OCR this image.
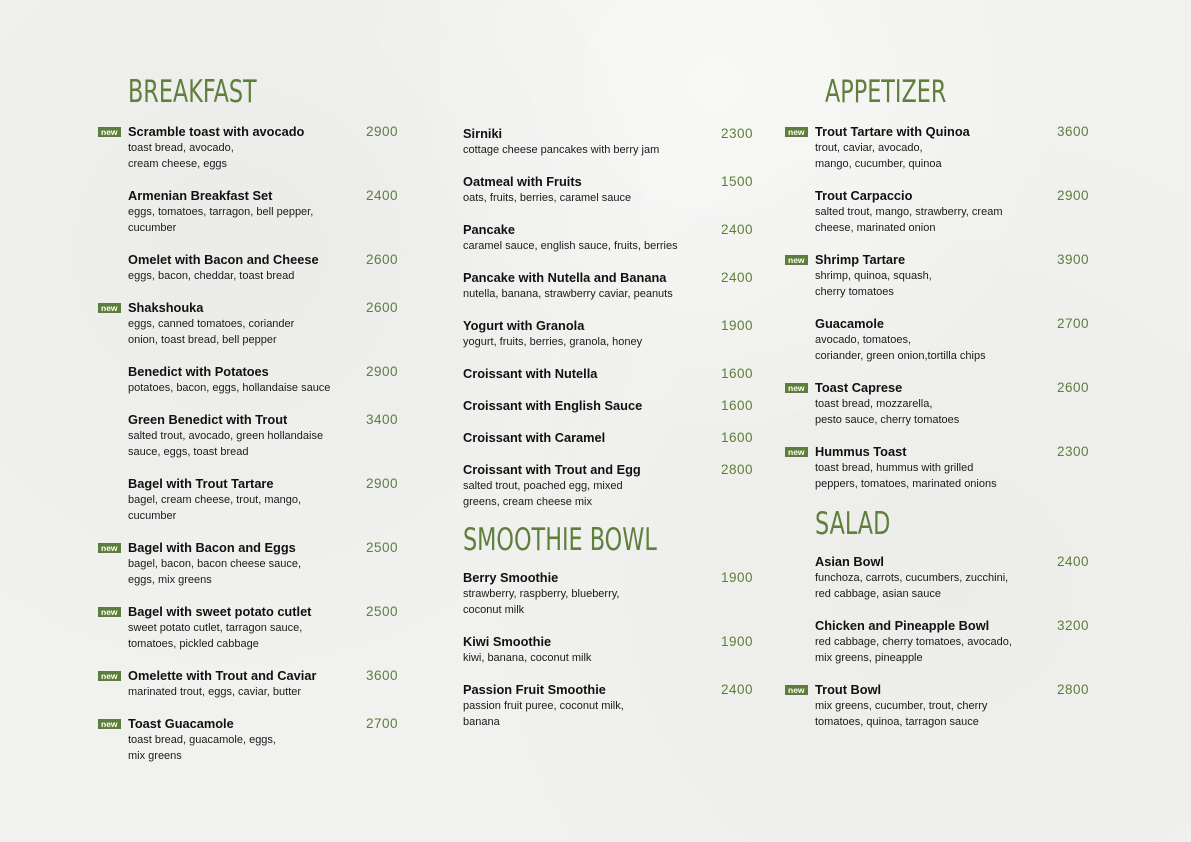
BREAKFAST
new Scramble toast with avocado
toast bread, avocado,
cream cheese, eggs
2900
Armenian Breakfast Set
eggs, tomatoes, tarragon, bell pepper,
cucumber
2400
Omelet with Bacon and Cheese
eggs, bacon, cheddar, toast bread
2600
new Shakshouka
eggs, canned tomatoes, coriander
onion, toast bread, bell pepper
2600
Benedict with Potatoes
potatoes, bacon, eggs, hollandaise sauce
2900
Green Benedict with Trout
salted trout, avocado, green hollandaise
sauce, eggs, toast bread
3400
Bagel with Trout Tartare
bagel, cream cheese, trout, mango,
cucumber
2900
new Bagel with Bacon and Eggs
bagel, bacon, bacon cheese sauce,
eggs, mix greens
2500
new Bagel with sweet potato cutlet
sweet potato cutlet, tarragon sauce,
tomatoes, pickled cabbage
2500
new Omelette with Trout and Caviar
marinated trout, eggs, caviar, butter
3600
new Toast Guacamole
toast bread, guacamole, eggs,
mix greens
2700
Sirniki
cottage cheese pancakes with berry jam
2300
Oatmeal with Fruits
oats, fruits, berries, caramel sauce
1500
Pancake
caramel sauce, english sauce, fruits, berries
2400
Pancake with Nutella and Banana
nutella, banana, strawberry caviar, peanuts
2400
Yogurt with Granola
yogurt, fruits, berries, granola, honey
1900
Croissant with Nutella	1600
Croissant with English Sauce	1600
Croissant with Caramel	1600
Croissant with Trout and Egg
salted trout, poached egg, mixed
greens, cream cheese mix
2800
SMOOTHIE BOWL
Berry Smoothie
strawberry, raspberry, blueberry,
coconut milk
1900
Kiwi Smoothie
kiwi, banana, coconut milk
1900
Passion Fruit Smoothie
passion fruit puree, coconut milk,
banana
2400
APPETIZER
new Trout Tartare with Quinoa
trout, caviar, avocado,
mango, cucumber, quinoa
3600
Trout Carpaccio
salted trout, mango, strawberry, cream
cheese, marinated onion
2900
new Shrimp Tartare
shrimp, quinoa, squash,
cherry tomatoes
3900
Guacamole
avocado, tomatoes,
coriander, green onion,tortilla chips
2700
new Toast Caprese
toast bread, mozzarella,
pesto sauce, cherry tomatoes
2600
new Hummus Toast
toast bread, hummus with grilled
peppers, tomatoes, marinated onions
2300
SALAD
Asian Bowl
funchoza, carrots, cucumbers, zucchini,
red cabbage, asian sauce
2400
Chicken and Pineapple Bowl
red cabbage, cherry tomatoes, avocado,
mix greens, pineapple
3200
new Trout Bowl
mix greens, cucumber, trout, cherry
tomatoes, quinoa, tarragon sauce
2800
